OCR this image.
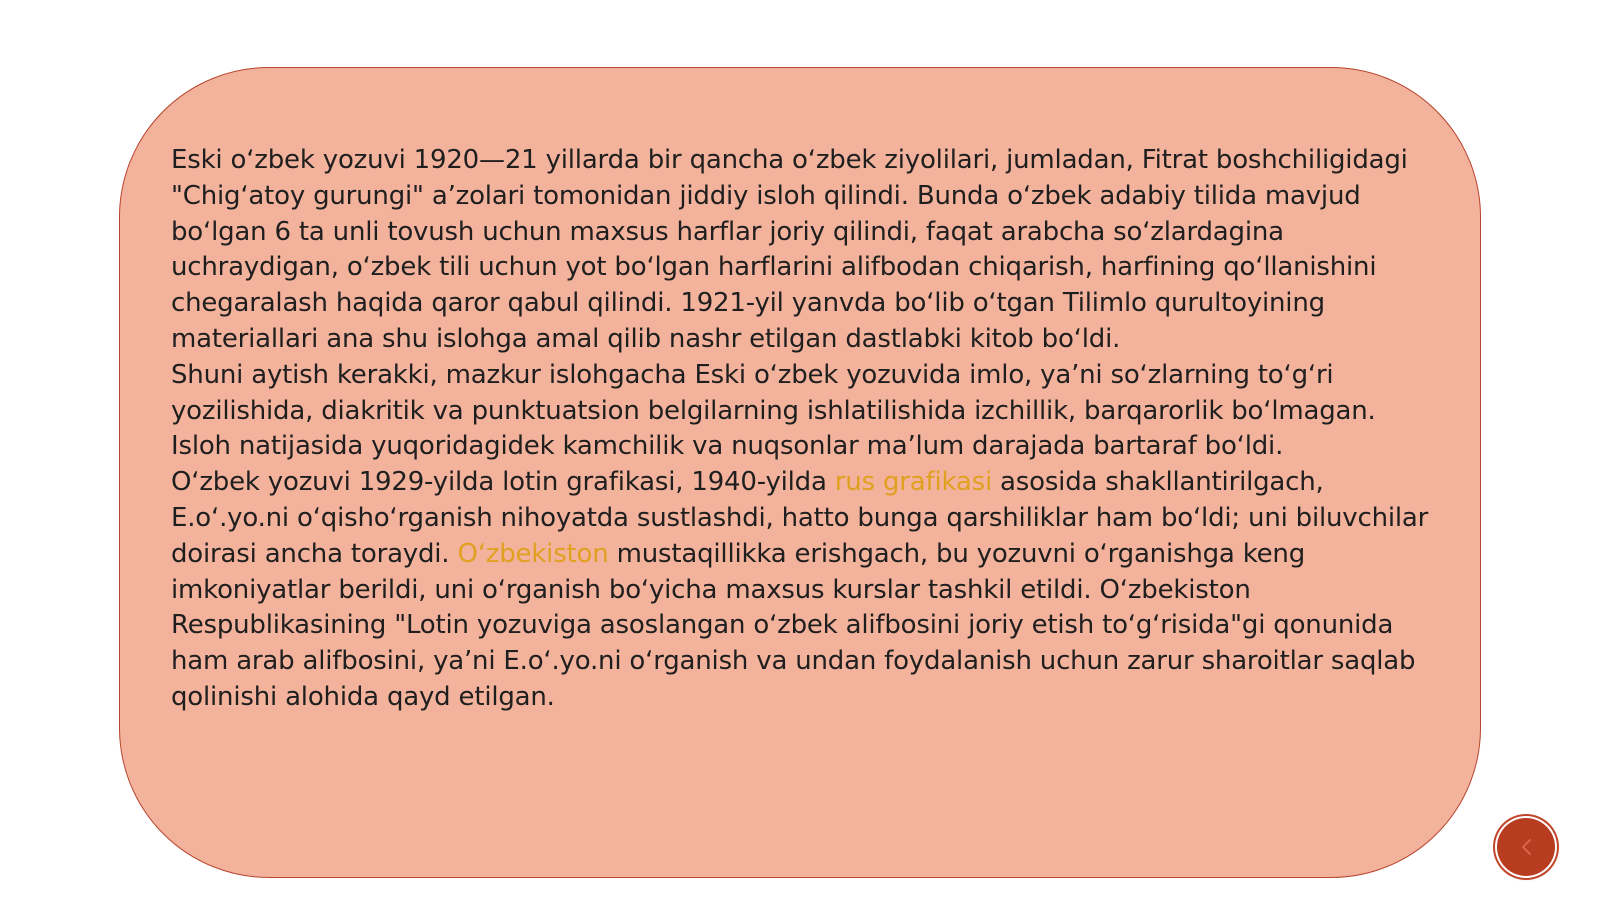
Eski oʻzbek yozuvi 1920—21 yillarda bir qancha oʻzbek ziyolilari, jumladan, Fitrat boshchiligidagi "Chigʻatoy gurungi" aʼzolari tomonidan jiddiy isloh qilindi. Bunda oʻzbek adabiy tilida mavjud boʻlgan 6 ta unli tovush uchun maxsus harflar joriy qilindi, faqat arabcha soʻzlardagina uchraydigan, oʻzbek tili uchun yot boʻlgan harflarini alifbodan chiqarish, harfining qoʻllanishini chegaralash haqida qaror qabul qilindi. 1921-yil yanvda boʻlib oʻtgan Tilimlo qurultoyining materiallari ana shu islohga amal qilib nashr etilgan dastlabki kitob boʻldi.

Shuni aytish kerakki, mazkur islohgacha Eski oʻzbek yozuvida imlo, yaʼni soʻzlarning toʻgʻri yozilishida, diakritik va punktuatsion belgilarning ishlatilishida izchillik, barqarorlik boʻlmagan. Isloh natijasida yuqoridagidek kamchilik va nuqsonlar maʼlum darajada bartaraf boʻldi.

Oʻzbek yozuvi 1929-yilda lotin grafikasi, 1940-yilda rus grafikasi asosida shakllantirilgach, E.oʻ.yo.ni oʻqishoʻrganish nihoyatda sustlashdi, hatto bunga qarshiliklar ham boʻldi; uni biluvchilar doirasi ancha toraydi. Oʻzbekiston mustaqillikka erishgach, bu yozuvni oʻrganishga keng imkoniyatlar berildi, uni oʻrganish boʻyicha maxsus kurslar tashkil etildi. Oʻzbekiston Respublikasining "Lotin yozuviga asoslangan oʻzbek alifbosini joriy etish toʻgʻrisida"gi qonunida ham arab alifbosini, yaʼni E.oʻ.yo.ni oʻrganish va undan foydalanish uchun zarur sharoitlar saqlab qolinishi alohida qayd etilgan.
